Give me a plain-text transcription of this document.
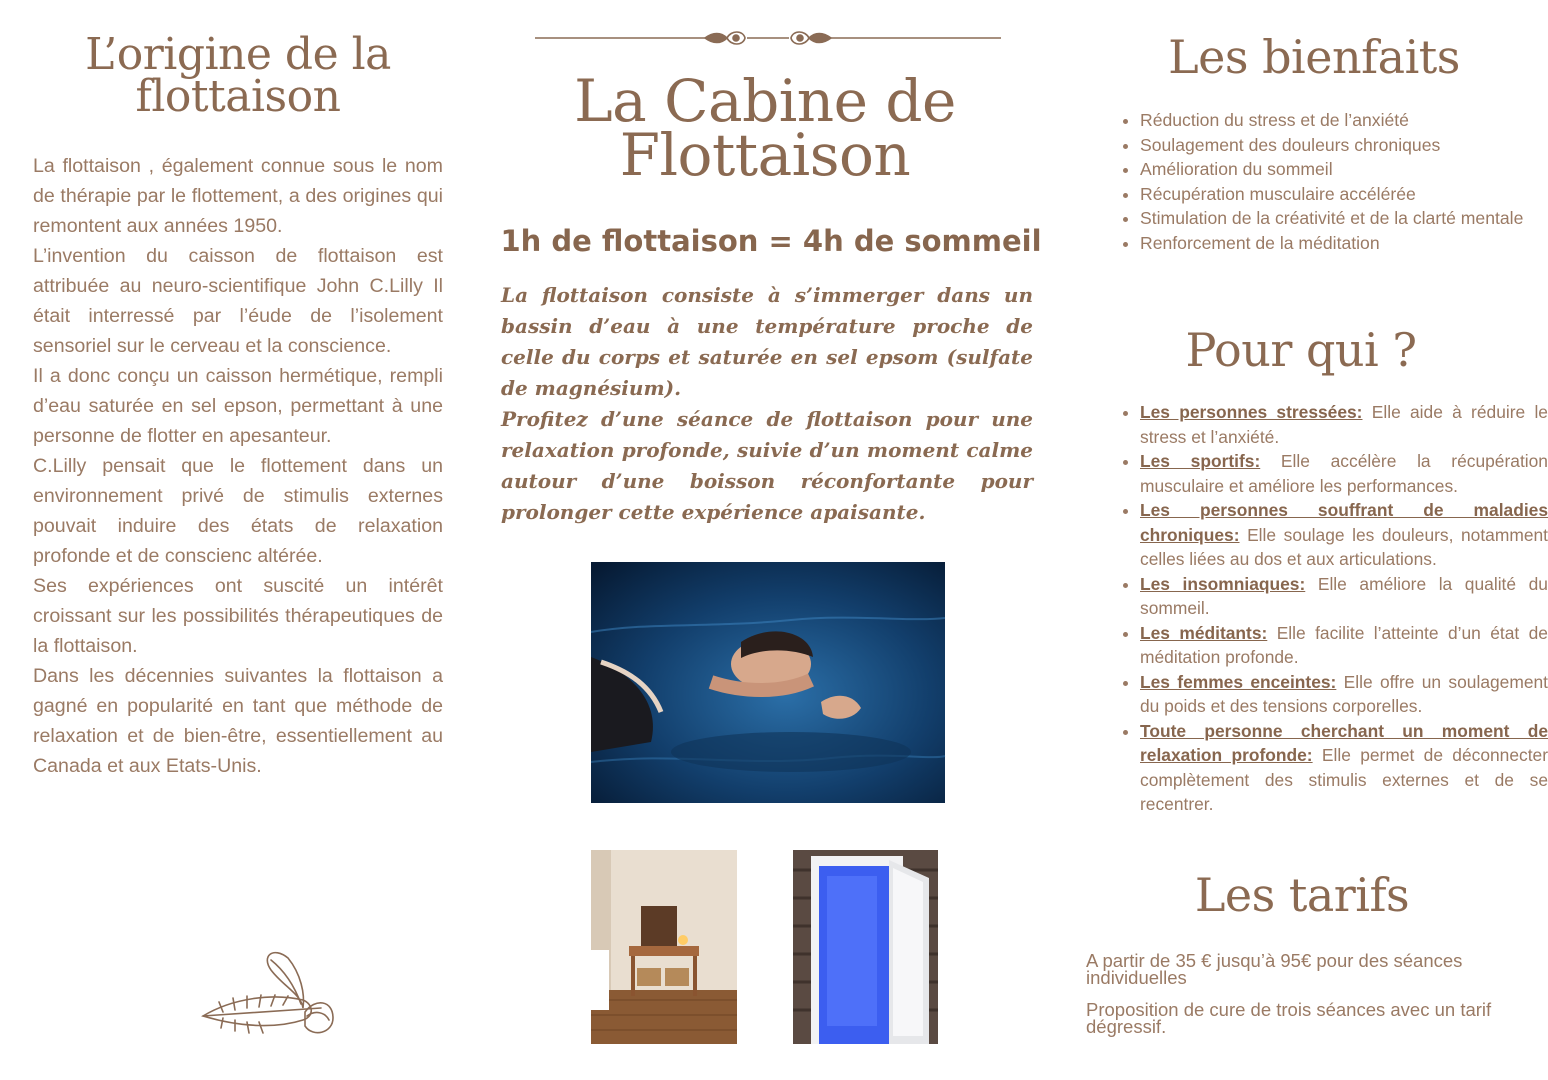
L’origine de la
flottaison

La flottaison , également connue sous le nom de thérapie par le flottement, a des origines qui remontent aux années 1950.

L’invention du caisson de flottaison est attribuée au neuro-scientifique John C.Lilly Il était interressé par l’éude de l’isolement sensoriel sur le cerveau et la conscience.

Il a donc conçu un caisson hermétique, rempli d’eau saturée en sel epson, permettant à une personne de flotter en apesanteur.

C.Lilly pensait que le flottement dans un environnement privé de stimulis externes pouvait induire des états de relaxation profonde et de conscienc altérée.

Ses expériences ont suscité un intérêt croissant sur les possibilités thérapeutiques de la flottaison.

Dans les décennies suivantes la flottaison a gagné en popularité en tant que méthode de relaxation et de bien-être, essentiellement au Canada et aux Etats-Unis.

La Cabine de
Flottaison
1h de flottaison = 4h de sommeil

La flottaison consiste à s’immerger dans un bassin d’eau à une température proche de celle du corps et saturée en sel epsom (sulfate de magnésium).

Profitez d’une séance de flottaison pour une relaxation profonde, suivie d’un moment calme autour d’une boisson réconfortante pour prolonger cette expérience apaisante.

Les bienfaits
• Réduction du stress et de l’anxiété
• Soulagement des douleurs chroniques
• Amélioration du sommeil
• Récupération musculaire accélérée
• Stimulation de la créativité et de la clarté mentale
• Renforcement de la méditation
Pour qui ?
• Les personnes stressées: Elle aide à réduire le stress et l’anxiété.
• Les sportifs: Elle accélère la récupération musculaire et améliore les performances.
• Les personnes souffrant de maladies chroniques: Elle soulage les douleurs, notamment celles liées au dos et aux articulations.
• Les insomniaques: Elle améliore la qualité du sommeil.
• Les méditants: Elle facilite l’atteinte d’un état de méditation profonde.
• Les femmes enceintes: Elle offre un soulagement du poids et des tensions corporelles.
• Toute personne cherchant un moment de relaxation profonde: Elle permet de déconnecter complètement des stimulis externes et de se recentrer.
Les tarifs

A partir de 35 € jusqu’à 95€ pour des séances individuelles

Proposition de cure de trois séances avec un tarif dégressif.
